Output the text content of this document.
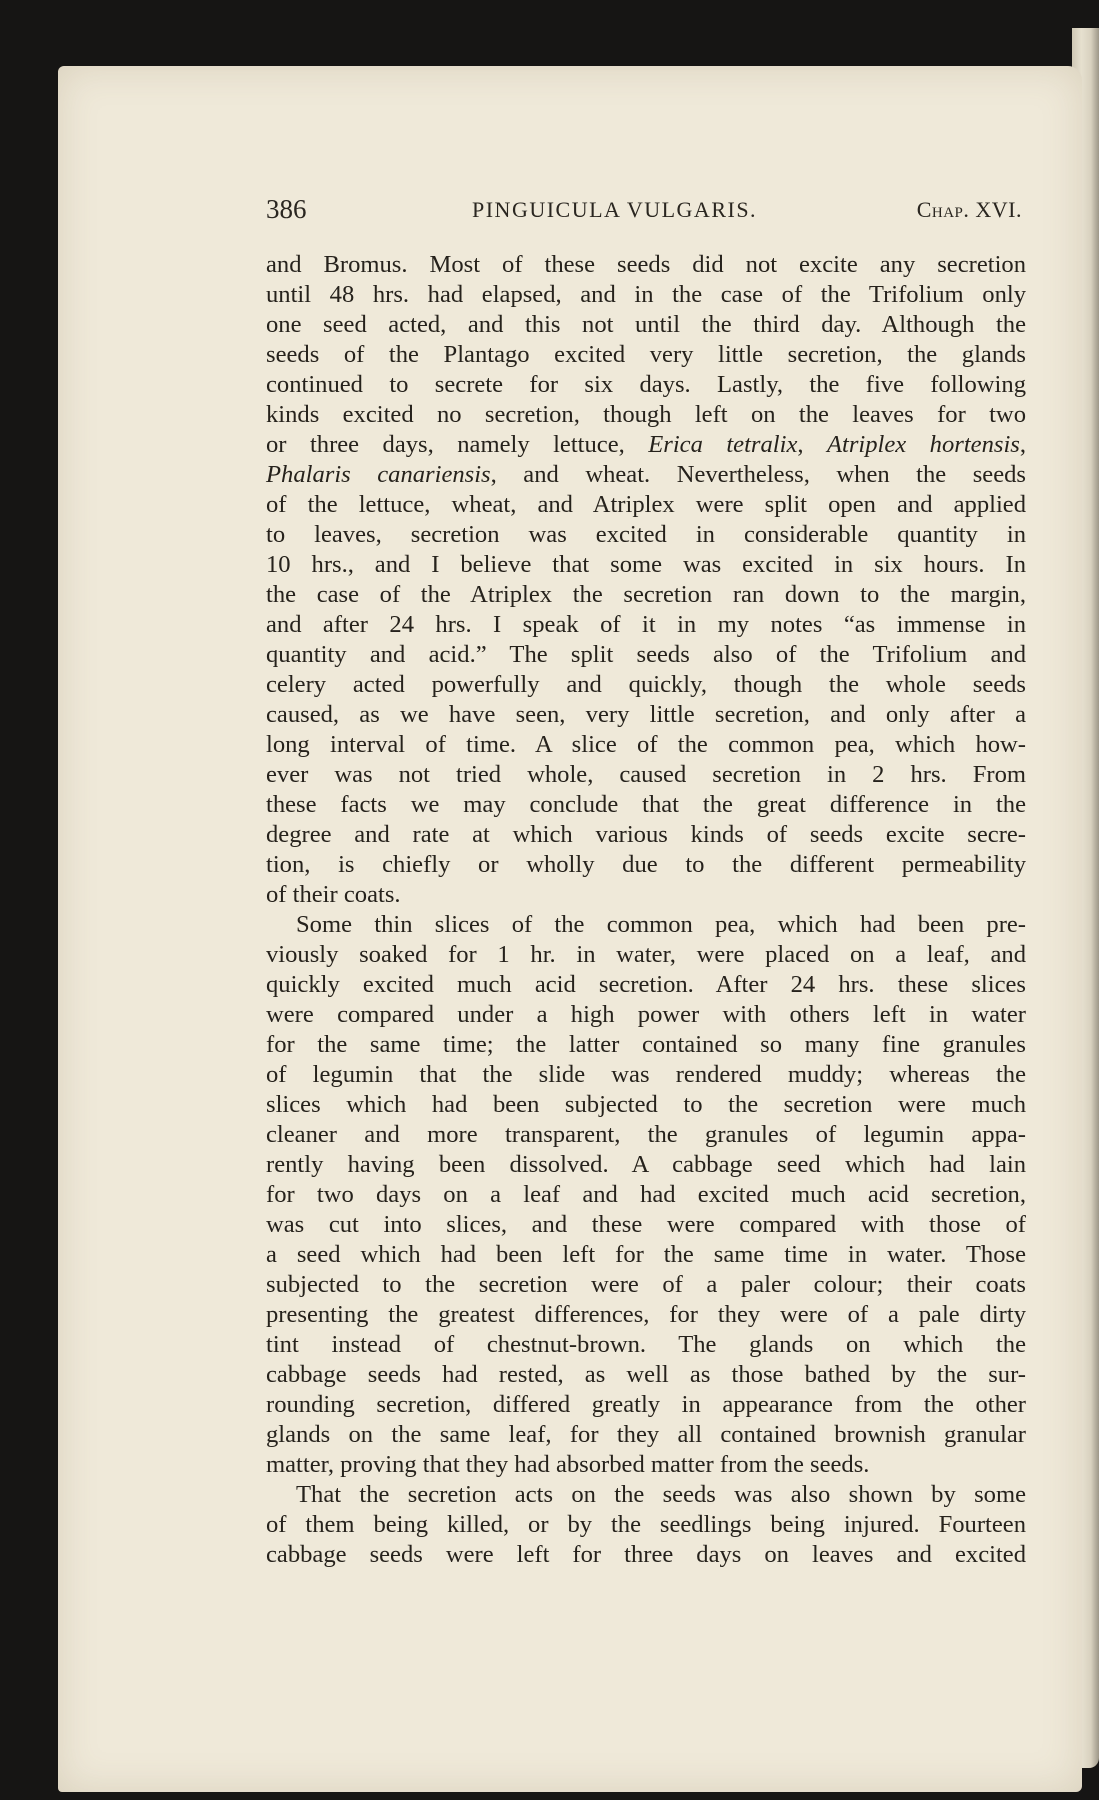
386	PINGUICULA VULGARIS.	Chap. XVI.
and Bromus. Most of these seeds did not excite any secretion
until 48 hrs. had elapsed, and in the case of the Trifolium only
one seed acted, and this not until the third day. Although the
seeds of the Plantago excited very little secretion, the glands
continued to secrete for six days. Lastly, the five following
kinds excited no secretion, though left on the leaves for two
or three days, namely lettuce, Erica tetralix, Atriplex hortensis,
Phalaris canariensis, and wheat. Nevertheless, when the seeds
of the lettuce, wheat, and Atriplex were split open and applied
to leaves, secretion was excited in considerable quantity in
10 hrs., and I believe that some was excited in six hours. In
the case of the Atriplex the secretion ran down to the margin,
and after 24 hrs. I speak of it in my notes “as immense in
quantity and acid.” The split seeds also of the Trifolium and
celery acted powerfully and quickly, though the whole seeds
caused, as we have seen, very little secretion, and only after a
long interval of time. A slice of the common pea, which how-
ever was not tried whole, caused secretion in 2 hrs. From
these facts we may conclude that the great difference in the
degree and rate at which various kinds of seeds excite secre-
tion, is chiefly or wholly due to the different permeability
of their coats.
Some thin slices of the common pea, which had been pre-
viously soaked for 1 hr. in water, were placed on a leaf, and
quickly excited much acid secretion. After 24 hrs. these slices
were compared under a high power with others left in water
for the same time; the latter contained so many fine granules
of legumin that the slide was rendered muddy; whereas the
slices which had been subjected to the secretion were much
cleaner and more transparent, the granules of legumin appa-
rently having been dissolved. A cabbage seed which had lain
for two days on a leaf and had excited much acid secretion,
was cut into slices, and these were compared with those of
a seed which had been left for the same time in water. Those
subjected to the secretion were of a paler colour; their coats
presenting the greatest differences, for they were of a pale dirty
tint instead of chestnut-brown. The glands on which the
cabbage seeds had rested, as well as those bathed by the sur-
rounding secretion, differed greatly in appearance from the other
glands on the same leaf, for they all contained brownish granular
matter, proving that they had absorbed matter from the seeds.
That the secretion acts on the seeds was also shown by some
of them being killed, or by the seedlings being injured. Fourteen
cabbage seeds were left for three days on leaves and excited
